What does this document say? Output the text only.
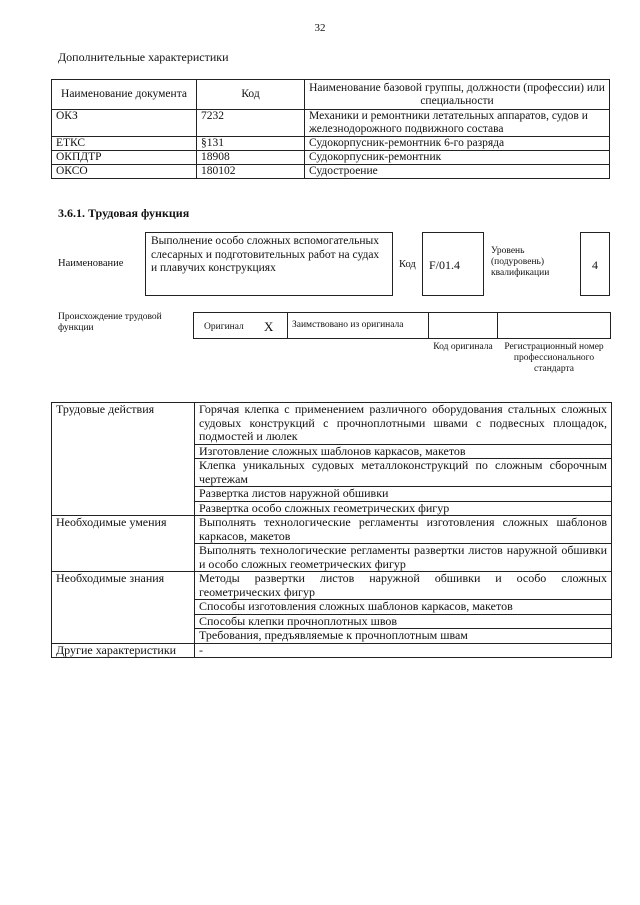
32
Дополнительные характеристики
Наименование документа	Код	Наименование базовой группы, должности (профессии) или специальности
ОКЗ	7232	Механики и ремонтники летательных аппаратов, судов и железнодорожного подвижного состава
ЕТКС	§131	Судокорпусник-ремонтник 6-го разряда
ОКПДТР	18908	Судокорпусник-ремонтник
ОКСО	180102	Судостроение
3.6.1. Трудовая функция
Наименование
Выполнение особо сложных вспомогательных слесарных и подготовительных работ на судах и плавучих конструкциях	Код	F/01.4
Уровень (подуровень) квалификации
4
Происхождение трудовой функции	Оригинал X	Заимствовано из оригинала
Код оригинала	Регистрационный номер профессионального стандарта
Трудовые действия	Горячая клепка с применением различного оборудования стальных сложных судовых конструкций с прочноплотными швами с подвесных площадок, подмостей и люлек
	Изготовление сложных шаблонов каркасов, макетов
	Клепка уникальных судовых металлоконструкций по сложным сборочным чертежам
	Развертка листов наружной обшивки
	Развертка особо сложных геометрических фигур
Необходимые умения	Выполнять технологические регламенты изготовления сложных шаблонов каркасов, макетов
	Выполнять технологические регламенты развертки листов наружной обшивки и особо сложных геометрических фигур
Необходимые знания	Методы развертки листов наружной обшивки и особо сложных геометрических фигур
	Способы изготовления сложных шаблонов каркасов, макетов
	Способы клепки прочноплотных швов
	Требования, предъявляемые к прочноплотным швам
Другие характеристики	-
